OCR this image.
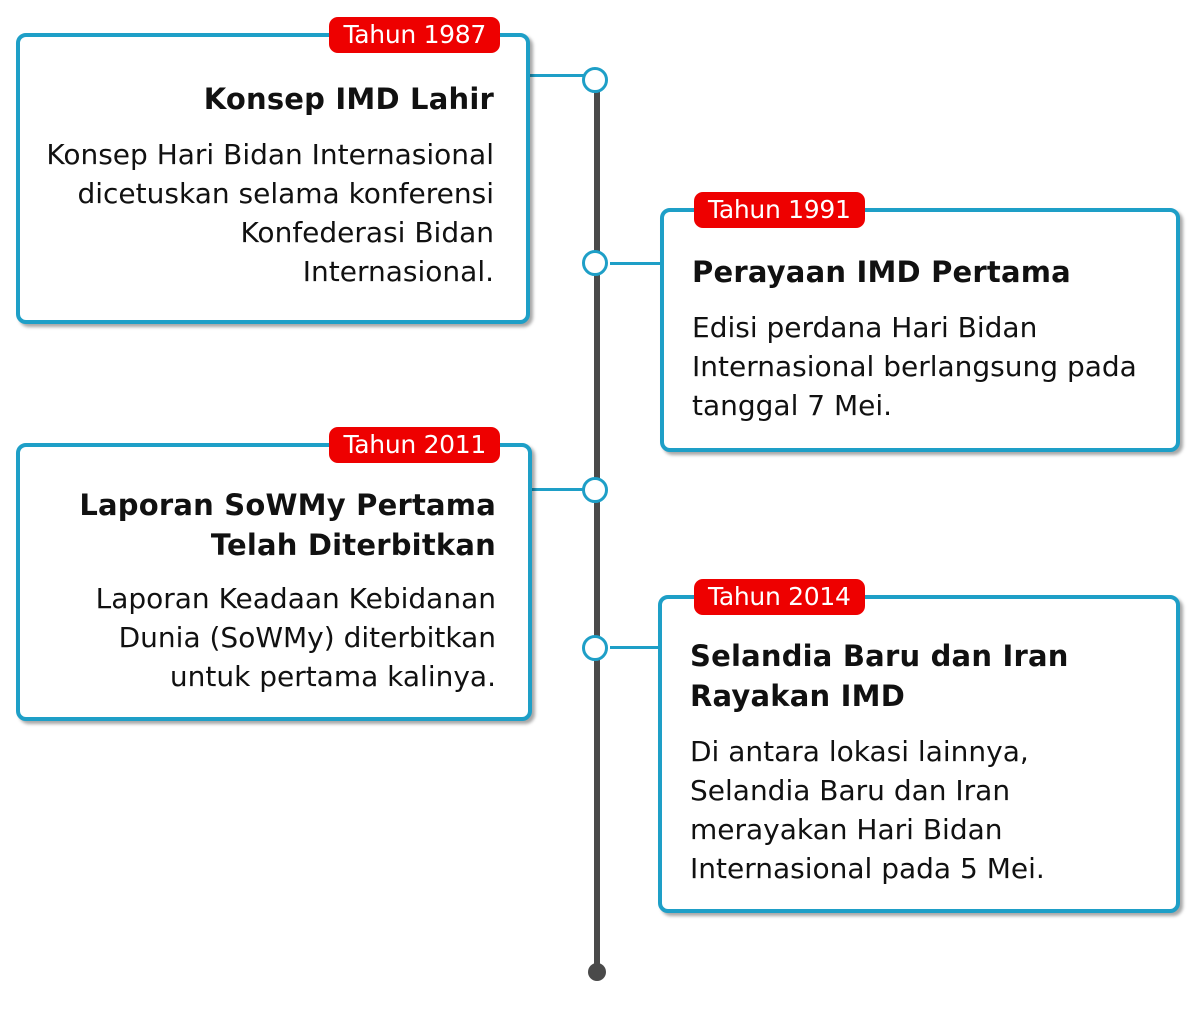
Tahun 1987
Konsep IMD Lahir
Konsep Hari Bidan Internasional dicetuskan selama konferensi Konfederasi Bidan Internasional.
Tahun 1991
Perayaan IMD Pertama
Edisi perdana Hari Bidan Internasional berlangsung pada tanggal 7 Mei.
Tahun 2011
Laporan SoWMy Pertama Telah Diterbitkan
Laporan Keadaan Kebidanan Dunia (SoWMy) diterbitkan untuk pertama kalinya.
Tahun 2014
Selandia Baru dan Iran Rayakan IMD
Di antara lokasi lainnya, Selandia Baru dan Iran merayakan Hari Bidan Internasional pada 5 Mei.
